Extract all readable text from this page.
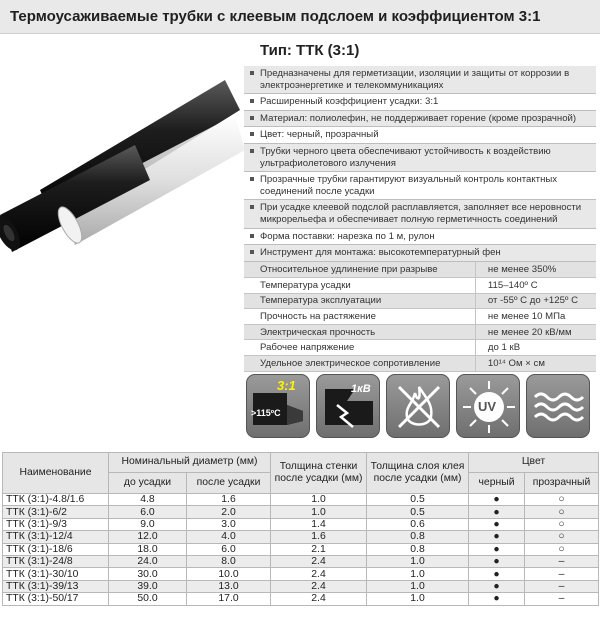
Термоусаживаемые трубки с клеевым подслоем и коэффициентом 3:1
Тип: ТТК (3:1)
Предназначены для герметизации, изоляции и защиты от коррозии в электроэнергетике и телекоммуникациях
Расширенный коэффициент усадки: 3:1
Материал: полиолефин, не поддерживает горение (кроме прозрачной)
Цвет: черный, прозрачный
Трубки черного цвета обеспечивают устойчивость к воздействию ультрафиолетового излучения
Прозрачные трубки гарантируют визуальный контроль контактных соединений после усадки
При усадке клеевой подслой расплавляется, заполняет все неровности микрорельефа и обеспечивает полную герметичность соединений
Форма поставки: нарезка по 1 м, рулон
Инструмент для монтажа: высокотемпературный фен
Относительное удлинение при разрыве	не менее 350%
Температура усадки	115–140º С
Температура эксплуатации	от -55º С до +125º С
Прочность на растяжение	не менее 10 МПа
Электрическая прочность	не менее 20 кВ/мм
Рабочее напряжение	до 1 кВ
Удельное электрическое сопротивление	10¹⁴ Ом × см
3:1
>115ºC
1кВ
UV
Наименование	Номинальный диаметр (мм)		Толщина стенки после усадки (мм)	Толщина слоя клея после усадки (мм)	Цвет	
	до усадки	после усадки			черный	прозрачный
ТТК (3:1)-4.8/1.6	4.8	1.6	1.0	0.5	●	○
ТТК (3:1)-6/2	6.0	2.0	1.0	0.5	●	○
ТТК (3:1)-9/3	9.0	3.0	1.4	0.6	●	○
ТТК (3:1)-12/4	12.0	4.0	1.6	0.8	●	○
ТТК (3:1)-18/6	18.0	6.0	2.1	0.8	●	○
ТТК (3:1)-24/8	24.0	8.0	2.4	1.0	●	–
ТТК (3:1)-30/10	30.0	10.0	2.4	1.0	●	–
ТТК (3:1)-39/13	39.0	13.0	2.4	1.0	●	–
ТТК (3:1)-50/17	50.0	17.0	2.4	1.0	●	–
